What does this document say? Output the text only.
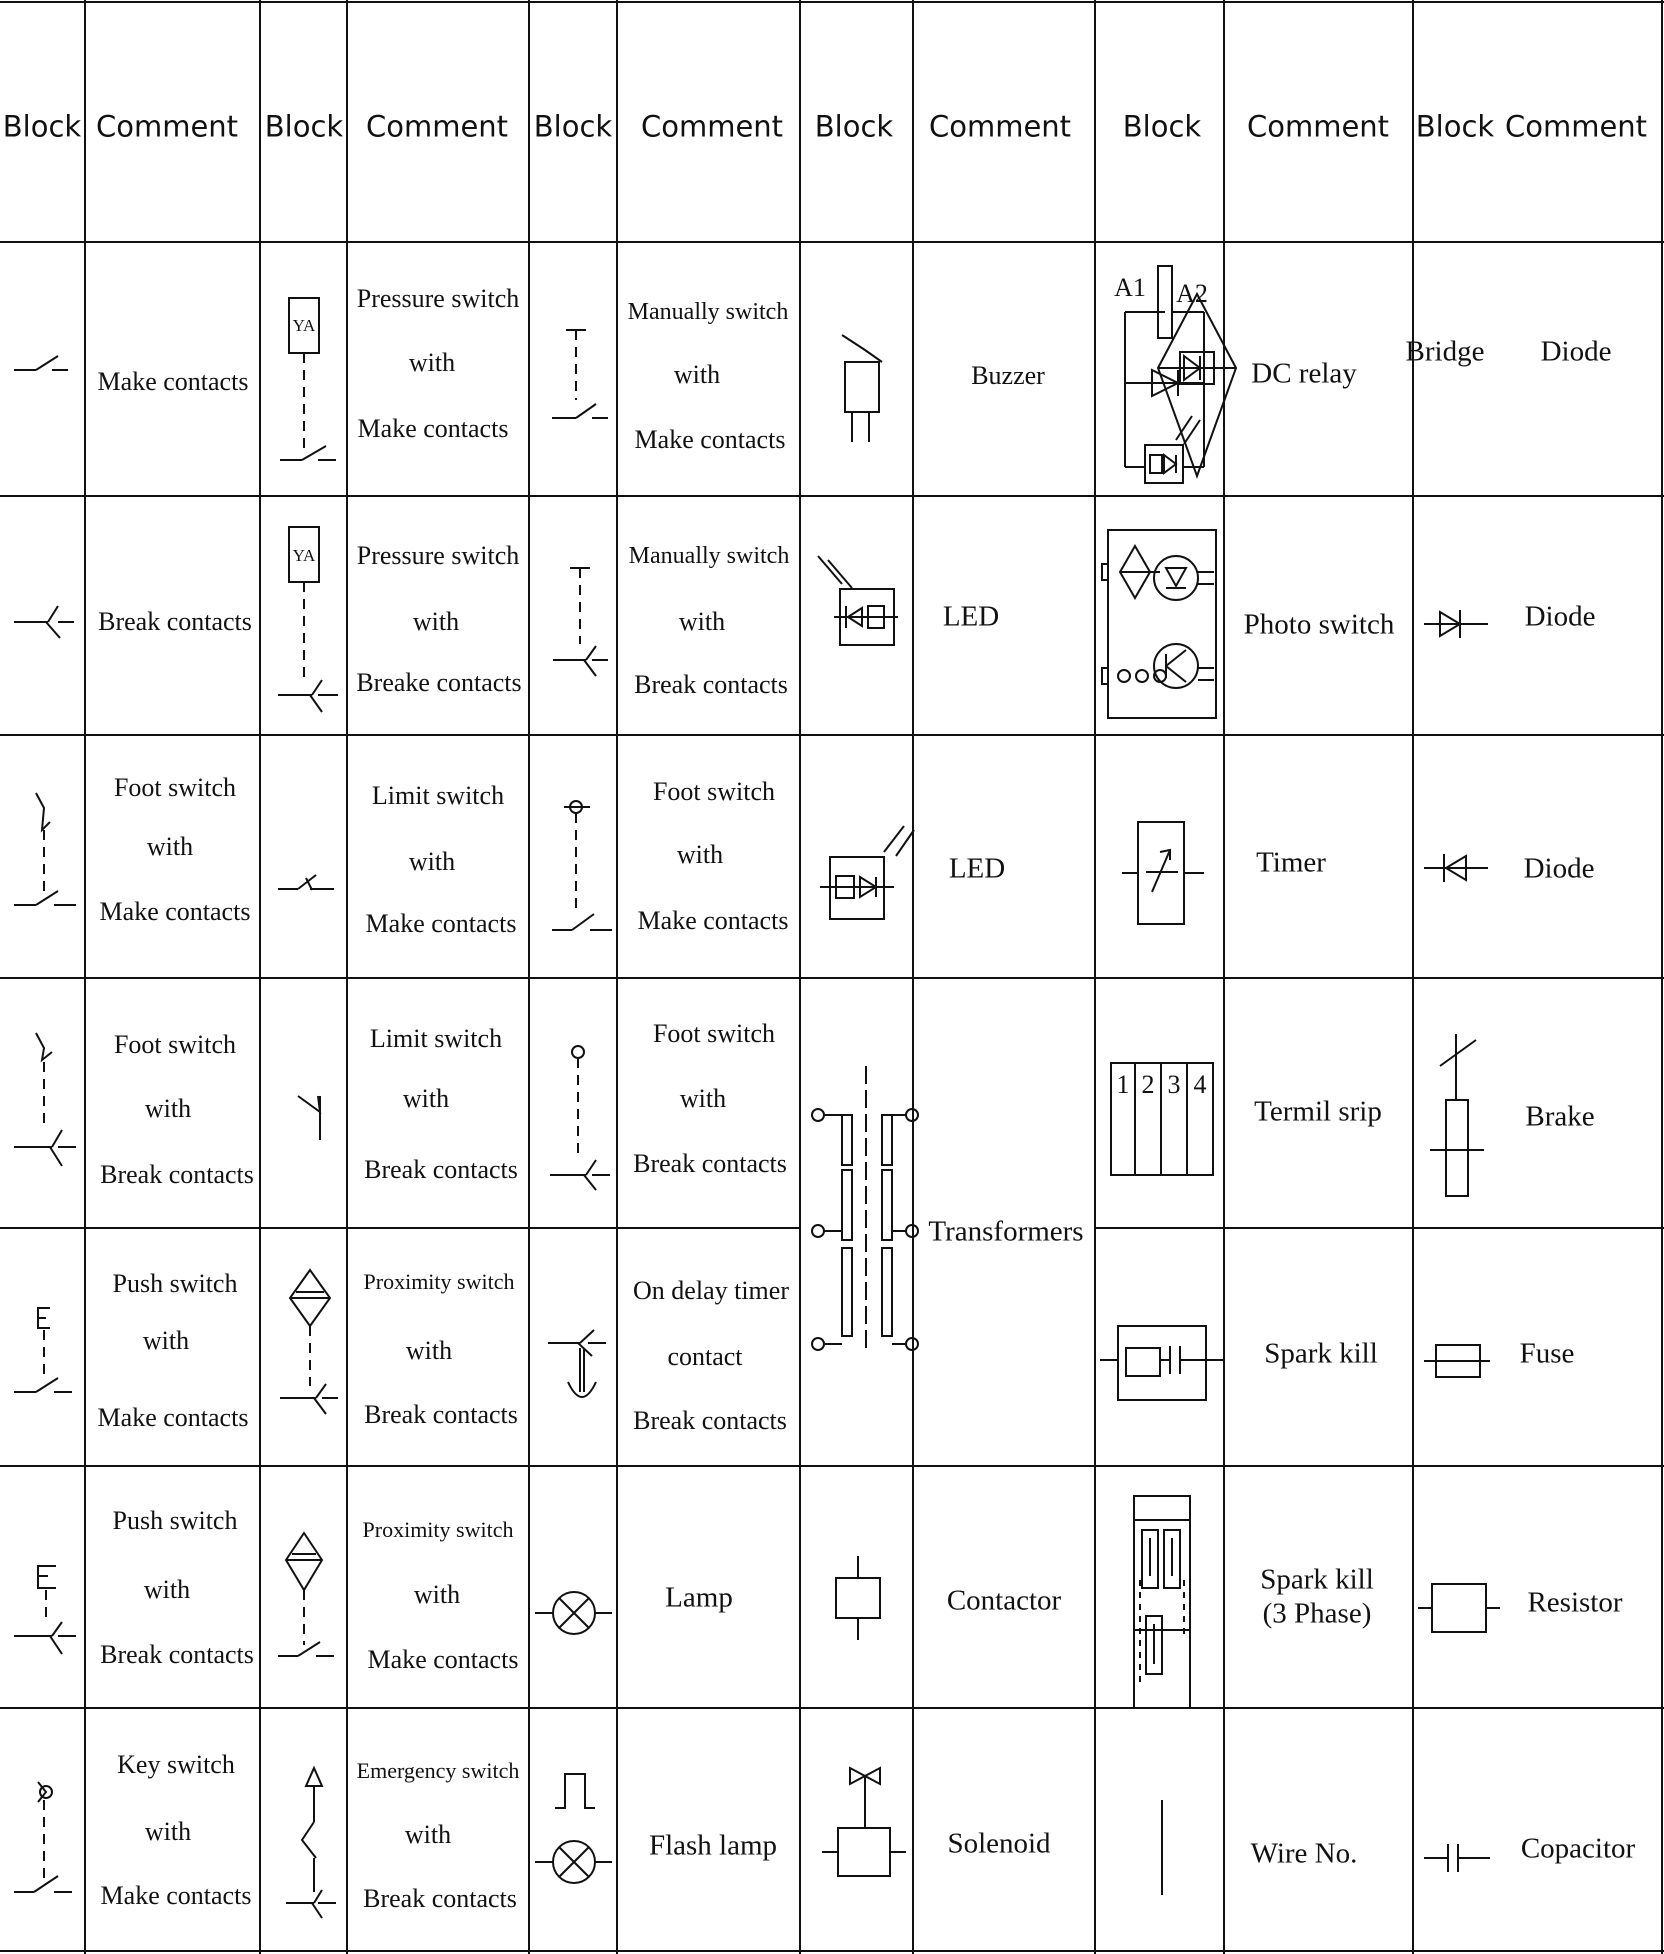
YA
YA
A1 A2
1 2 3 4
Block Comment Block Comment Block Comment Block Comment Block Comment Block Comment
Make contacts
Break contacts
Foot switch
with
Make contacts
Foot switch
with
Break contacts
Push switch
with
Make contacts
Push switch
with
Break contacts
Key switch
with
Make contacts
Pressure switch
with
Make contacts
Pressure switch
with
Breake contacts
Limit switch
with
Make contacts
Limit switch
with
Break contacts
Proximity switch
with
Break contacts
Proximity switch
with
Make contacts
Emergency switch
with
Break contacts
Manually switch
with
Make contacts
Manually switch
with
Break contacts
Foot switch
with
Make contacts
Foot switch
with
Break contacts
On delay timer
contact
Break contacts
Lamp
Flash lamp
Buzzer
LED
LED
Transformers
Contactor
Solenoid
DC relay
Photo switch
Timer
Termil srip
Spark kill
Spark kill
(3 Phase)
Wire No.
Bridge Diode
Diode
Diode
Brake
Fuse
Resistor
Copacitor
